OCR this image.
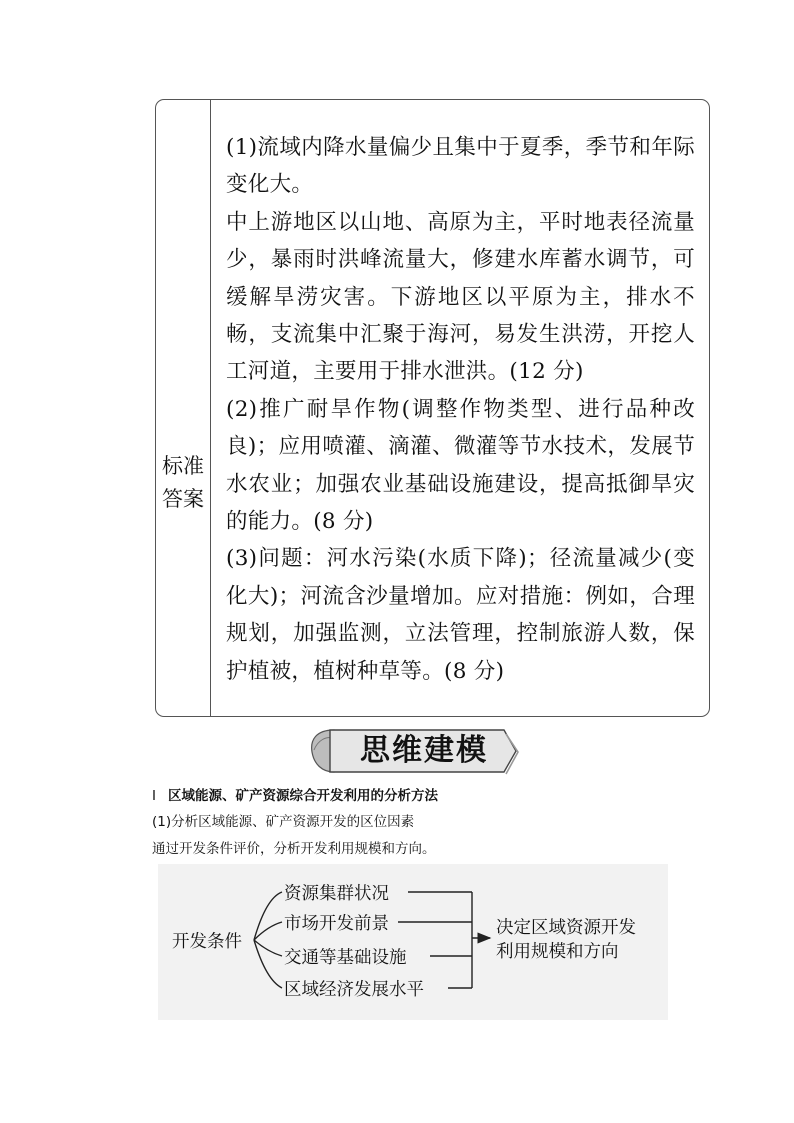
标准
答案

(1)流域内降水量偏少且集中于夏季，季节和年际变化大。

中上游地区以山地、高原为主，平时地表径流量少，暴雨时洪峰流量大，修建水库蓄水调节，可缓解旱涝灾害。下游地区以平原为主，排水不畅，支流集中汇聚于海河，易发生洪涝，开挖人工河道，主要用于排水泄洪。(12 分)

(2)推广耐旱作物(调整作物类型、进行品种改良)；应用喷灌、滴灌、微灌等节水技术，发展节水农业；加强农业基础设施建设，提高抵御旱灾的能力。(8 分)

(3)问题：河水污染(水质下降)；径流量减少(变化大)；河流含沙量增加。应对措施：例如，合理规划，加强监测，立法管理，控制旅游人数，保护植被，植树种草等。(8 分)

思维建模
Ⅰ 区域能源、矿产资源综合开发利用的分析方法
(1)分析区域能源、矿产资源开发的区位因素
通过开发条件评价，分析开发利用规模和方向。
开发条件
资源集群状况
市场开发前景
交通等基础设施
区域经济发展水平
决定区域资源开发
利用规模和方向
